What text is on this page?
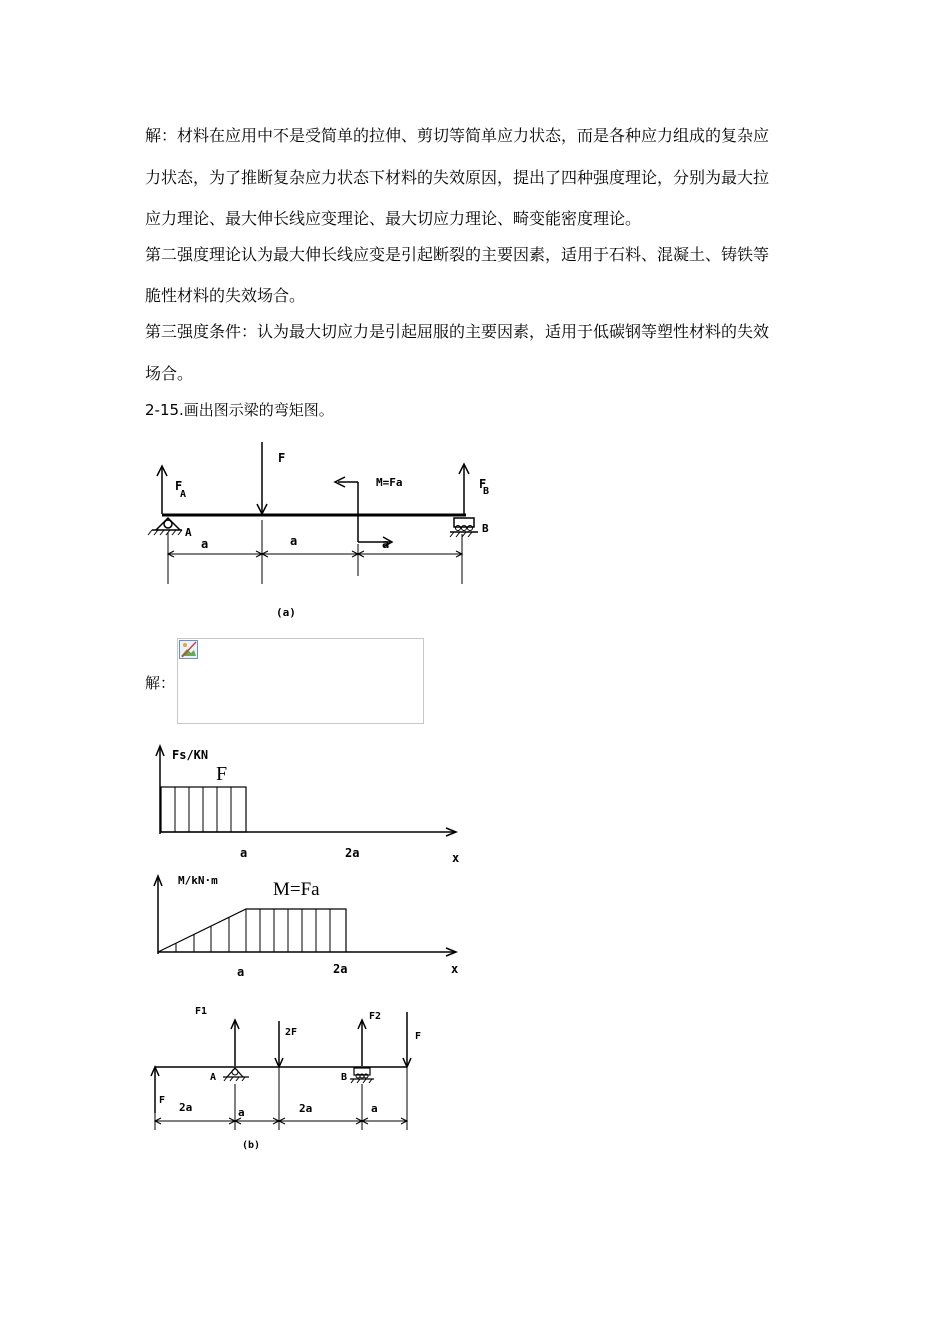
解：材料在应用中不是受简单的拉伸、剪切等简单应力状态，而是各种应力组成的复杂应

力状态，为了推断复杂应力状态下材料的失效原因，提出了四种强度理论，分别为最大拉

应力理论、最大伸长线应变理论、最大切应力理论、畸变能密度理论。

第二强度理论认为最大伸长线应变是引起断裂的主要因素，适用于石料、混凝土、铸铁等

脆性材料的失效场合。

第三强度条件：认为最大切应力是引起屈服的主要因素，适用于低碳钢等塑性材料的失效

场合。

2-15.画出图示梁的弯矩图。

F
A
F
B
F
M=Fa
A	B
a	a	a
(a)
解：
Fs/KN
F
a	2a	x
M/kN·m	M=Fa
a	2a	x
F
F1
2F
F2
F
A	B
2a	a	2a	a
(b)
